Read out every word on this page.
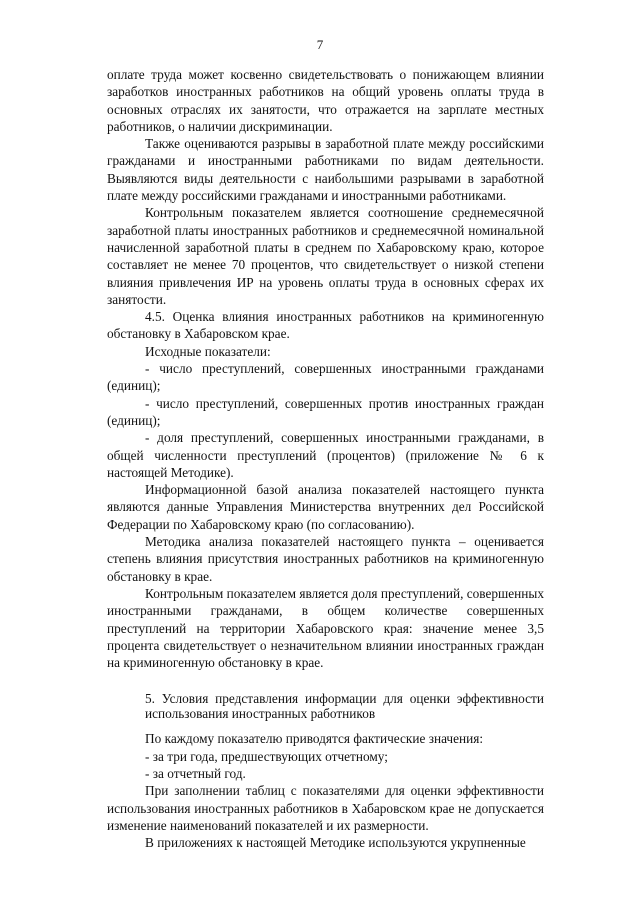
7

оплате труда может косвенно свидетельствовать о понижающем влиянии заработков иностранных работников на общий уровень оплаты труда в основных отраслях их занятости, что отражается на зарплате местных работников, о наличии дискриминации.

Также оцениваются разрывы в заработной плате между российскими гражданами и иностранными работниками по видам деятельности. Выявляются виды деятельности с наибольшими разрывами в заработной плате между российскими гражданами и иностранными работниками.

Контрольным показателем является соотношение среднемесячной заработной платы иностранных работников и среднемесячной номинальной начисленной заработной платы в среднем по Хабаровскому краю, которое составляет не менее 70 процентов, что свидетельствует о низкой степени влияния привлечения ИР на уровень оплаты труда в основных сферах их занятости.

4.5. Оценка влияния иностранных работников на криминогенную обстановку в Хабаровском крае.

Исходные показатели:

- число преступлений, совершенных иностранными гражданами (единиц);

- число преступлений, совершенных против иностранных граждан (единиц);

- доля преступлений, совершенных иностранными гражданами, в общей численности преступлений (процентов) (приложение № 6 к настоящей Методике).

Информационной базой анализа показателей настоящего пункта являются данные Управления Министерства внутренних дел Российской Федерации по Хабаровскому краю (по согласованию).

Методика анализа показателей настоящего пункта – оценивается степень влияния присутствия иностранных работников на криминогенную обстановку в крае.

Контрольным показателем является доля преступлений, совершенных иностранными гражданами, в общем количестве совершенных преступлений на территории Хабаровского края: значение менее 3,5 процента свидетельствует о незначительном влиянии иностранных граждан на криминогенную обстановку в крае.

5. Условия представления информации для оценки эффективности использования иностранных работников

По каждому показателю приводятся фактические значения:

- за три года, предшествующих отчетному;

- за отчетный год.

При заполнении таблиц с показателями для оценки эффективности использования иностранных работников в Хабаровском крае не допускается изменение наименований показателей и их размерности.

В приложениях к настоящей Методике используются укрупненные
